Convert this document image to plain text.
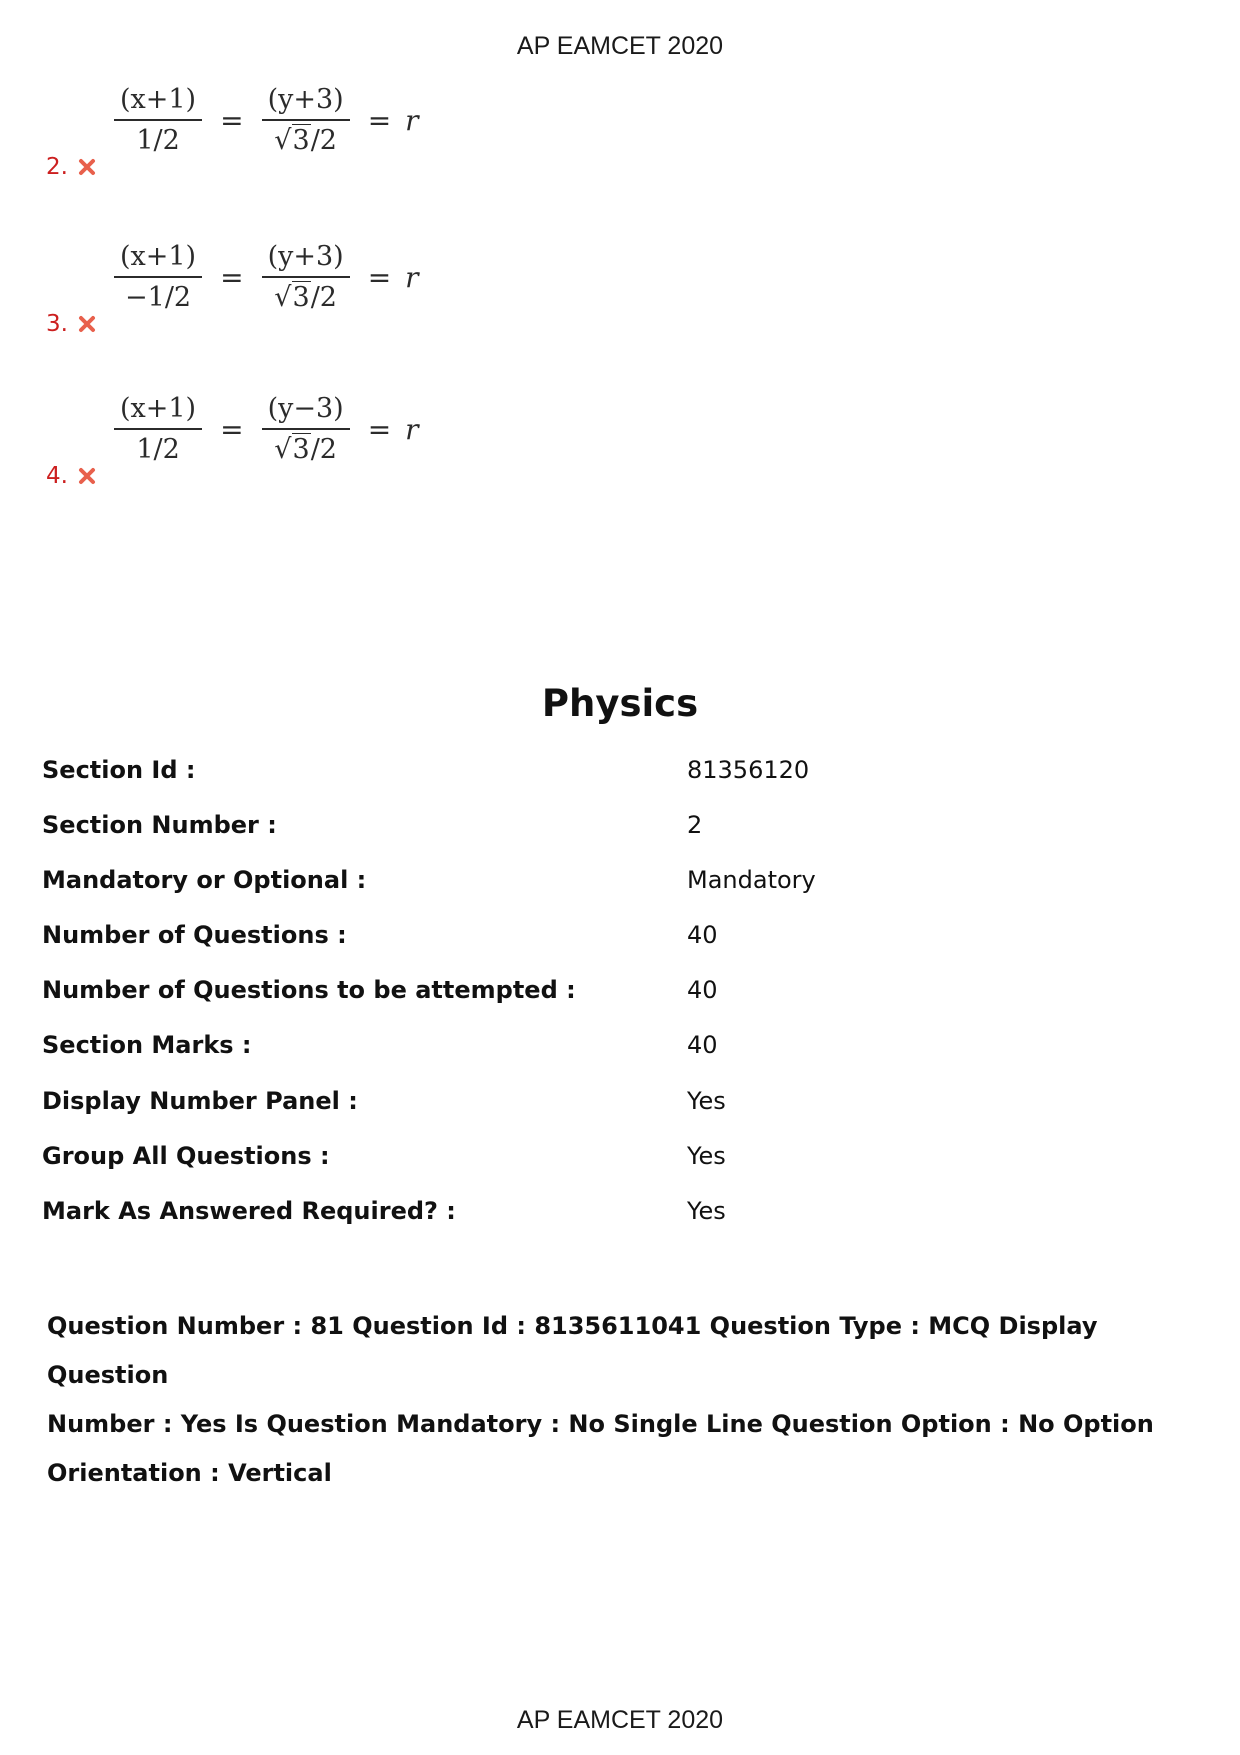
AP EAMCET 2020
2.
$\frac{(x+1)}{1/2} = \frac{(y+3)}{√3/2} = r$
3.
$\frac{(x+1)}{-1/2} = \frac{(y+3)}{√3/2} = r$
4.
$\frac{(x+1)}{1/2} = \frac{(y-3)}{√3/2} = r$
Physics
Section Id :	81356120
Section Number :	2
Mandatory or Optional :	Mandatory
Number of Questions :	40
Number of Questions to be attempted :	40
Section Marks :	40
Display Number Panel :	Yes
Group All Questions :	Yes
Mark As Answered Required? :	Yes
Question Number : 81 Question Id : 8135611041 Question Type : MCQ Display Question
Number : Yes Is Question Mandatory : No Single Line Question Option : No Option
Orientation : Vertical
AP EAMCET 2020
